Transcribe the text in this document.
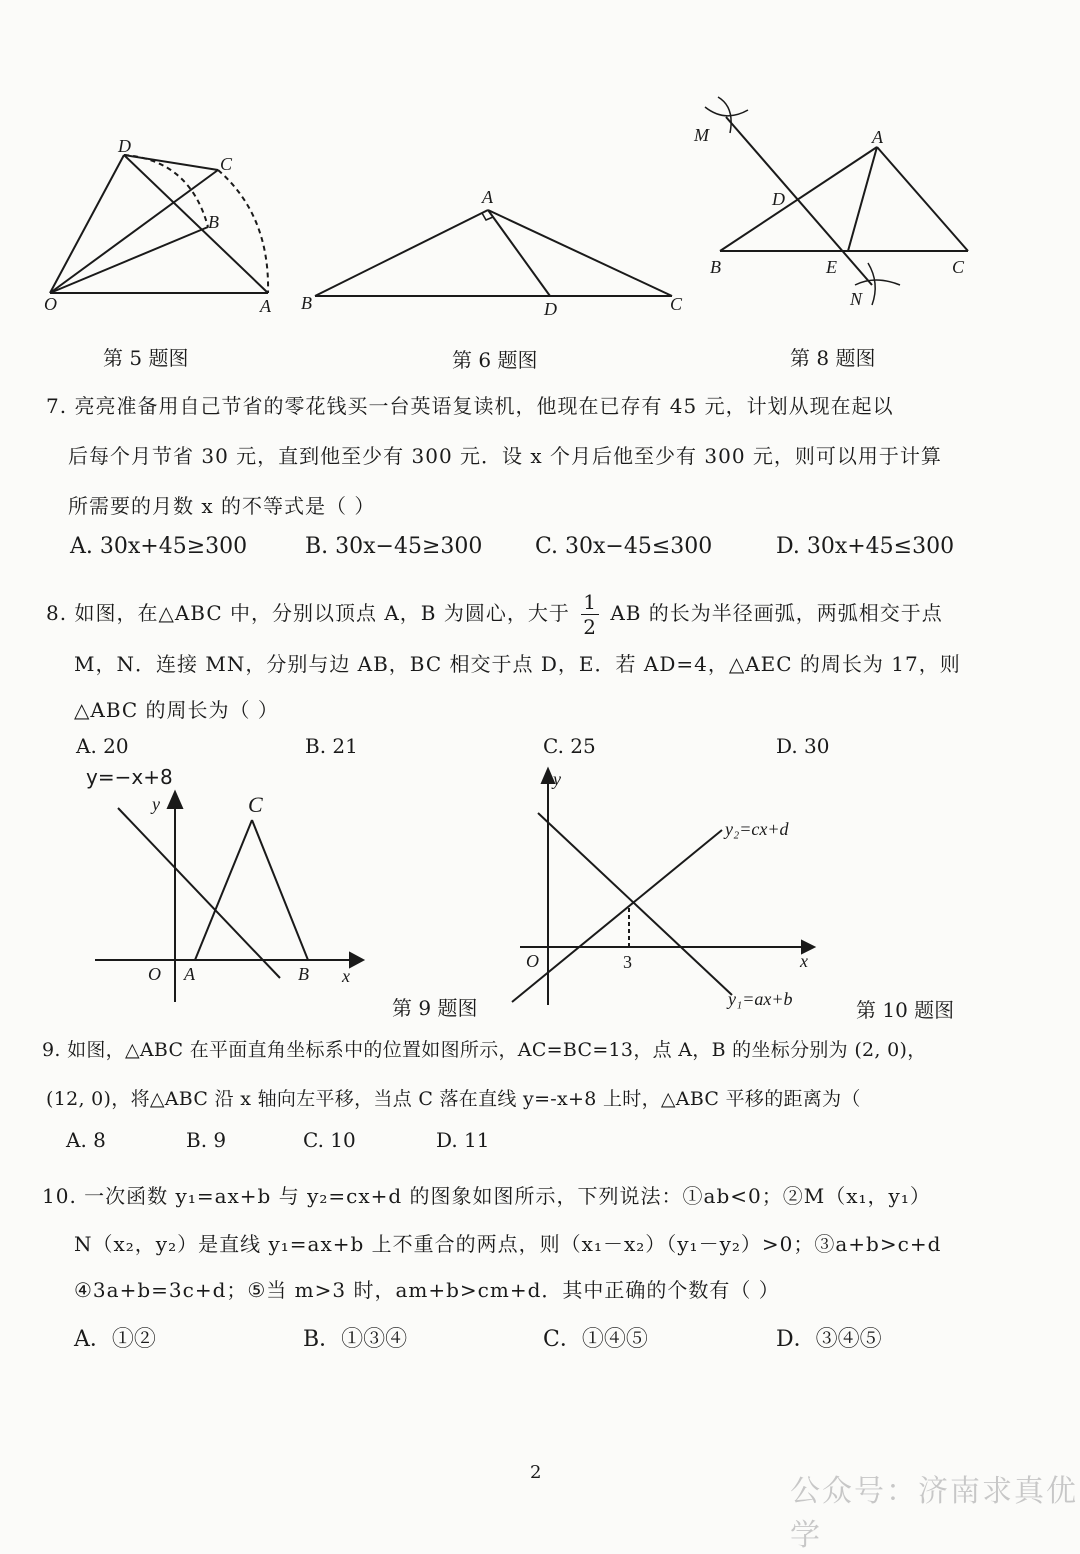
D
C
B
O	A
第 5 题图
A
B	D	C
第 6 题图
M	A
D
B	E	C
N
第 8 题图
7. 亮亮准备用自己节省的零花钱买一台英语复读机，他现在已存有 45 元，计划从现在起以
后每个月节省 30 元，直到他至少有 300 元．设 x 个月后他至少有 300 元，则可以用于计算
所需要的月数 x 的不等式是（ ）
A. 30x+45≥300	B. 30x−45≥300 C. 30x−45≤300	D. 30x+45≤300
8. 如图，在△ABC 中，分别以顶点 A，B 为圆心，大于 $\frac{1}{2}$ AB 的长为半径画弧，两弧相交于点
M，N．连接 MN，分别与边 AB，BC 相交于点 D，E．若 AD=4，△AEC 的周长为 17，则
△ABC 的周长为（ ）
A. 20	B. 21	C. 25	D. 30
y=−x+8
y	C
O A	B x
第 9 题图
y
O	3	x
y₂=cx+d
y₁=ax+b	第 10 题图
9. 如图，△ABC 在平面直角坐标系中的位置如图所示，AC=BC=13，点 A，B 的坐标分别为 (2, 0)，
(12, 0)，将△ABC 沿 x 轴向左平移，当点 C 落在直线 y=-x+8 上时，△ABC 平移的距离为（
A. 8	B. 9	C. 10	D. 11
10. 一次函数 y₁=ax+b 与 y₂=cx+d 的图象如图所示，下列说法：①ab<0；②M（x₁，y₁）
N（x₂，y₂）是直线 y₁=ax+b 上不重合的两点，则（x₁－x₂）（y₁－y₂）>0；③a+b>c+d
④3a+b=3c+d；⑤当 m>3 时，am+b>cm+d．其中正确的个数有（ ）
A．①②	B．①③④	C．①④⑤	D．③④⑤
2
公众号：济南求真优学
